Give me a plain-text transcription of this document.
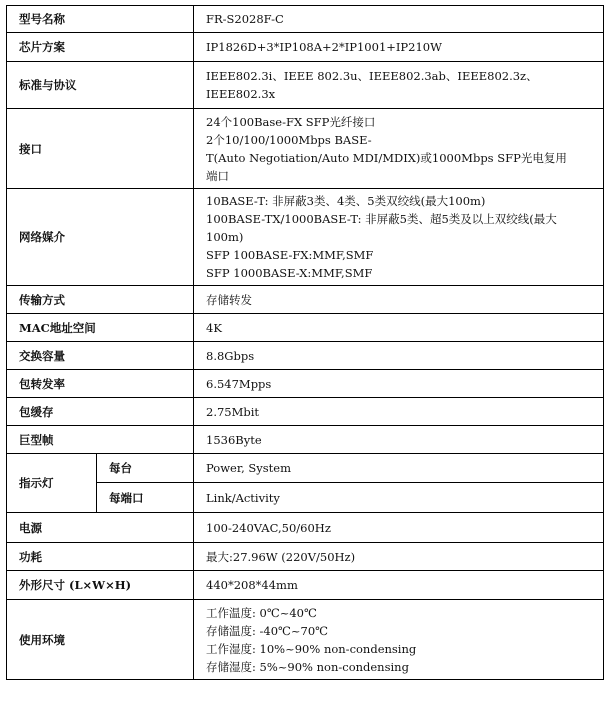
型号名称		FR-S2028F-C
芯片方案		IP1826D+3*IP108A+2*IP1001+IP210W
标准与协议		IEEE802.3i、IEEE 802.3u、IEEE802.3ab、IEEE802.3z、
IEEE802.3x

接口		24个100Base-FX SFP光纤接口
2个10/100/1000Mbps BASE-
T(Auto Negotiation/Auto MDI/MDIX)或1000Mbps SFP光电复用
端口

网络媒介		10BASE-T: 非屏蔽3类、4类、5类双绞线(最大100m)
100BASE-TX/1000BASE-T: 非屏蔽5类、超5类及以上双绞线(最大
100m)
SFP 100BASE-FX:MMF,SMF
SFP 1000BASE-X:MMF,SMF

传输方式		存储转发
MAC地址空间		4K
交换容量		8.8Gbps
包转发率		6.547Mpps
包缓存		2.75Mbit
巨型帧		1536Byte
指示灯	每台	Power, System
	每端口	Link/Activity
电源		100-240VAC,50/60Hz
功耗		最大:27.96W (220V/50Hz)
外形尺寸 (L×W×H)		440*208*44mm
使用环境		工作温度: 0℃~40℃
存储温度: -40℃~70℃
工作湿度: 10%~90% non-condensing
存储湿度: 5%~90% non-condensing
